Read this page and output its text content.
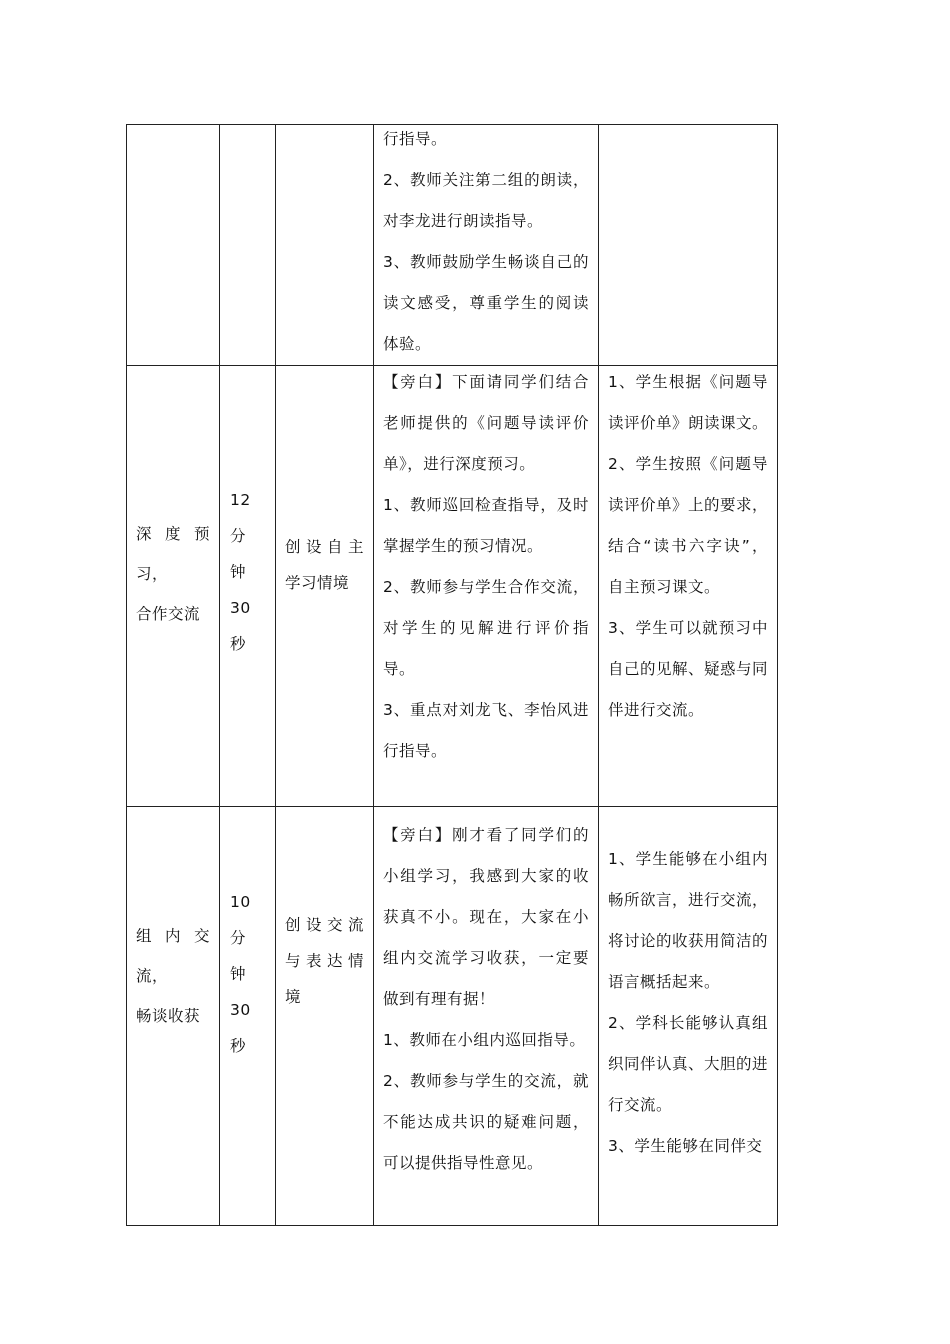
			行指导。
2、教师关注第二组的朗读，对李龙进行朗读指导。
3、教师鼓励学生畅谈自己的读文感受，尊重学生的阅读体验。	

深 度 预
习，
合作交流	12
分
钟
30
秒	创设自主
学习情境	【旁白】下面请同学们结合老师提供的《问题导读评价单》，进行深度预习。
1、教师巡回检查指导，及时掌握学生的预习情况。
2、教师参与学生合作交流，对学生的见解进行评价指导。
3、重点对刘龙飞、李怡风进行指导。	1、学生根据《问题导读评价单》朗读课文。
2、学生按照《问题导读评价单》上的要求，结合“读书六字诀”，自主预习课文。
3、学生可以就预习中自己的见解、疑惑与同伴进行交流。

组 内 交
流，
畅谈收获	10
分
钟
30
秒	创设交流
与表达情
境	【旁白】刚才看了同学们的小组学习，我感到大家的收获真不小。现在，大家在小组内交流学习收获，一定要做到有理有据！
1、教师在小组内巡回指导。
2、教师参与学生的交流，就不能达成共识的疑难问题，可以提供指导性意见。	1、学生能够在小组内畅所欲言，进行交流，将讨论的收获用简洁的语言概括起来。
2、学科长能够认真组织同伴认真、大胆的进行交流。
3、学生能够在同伴交
